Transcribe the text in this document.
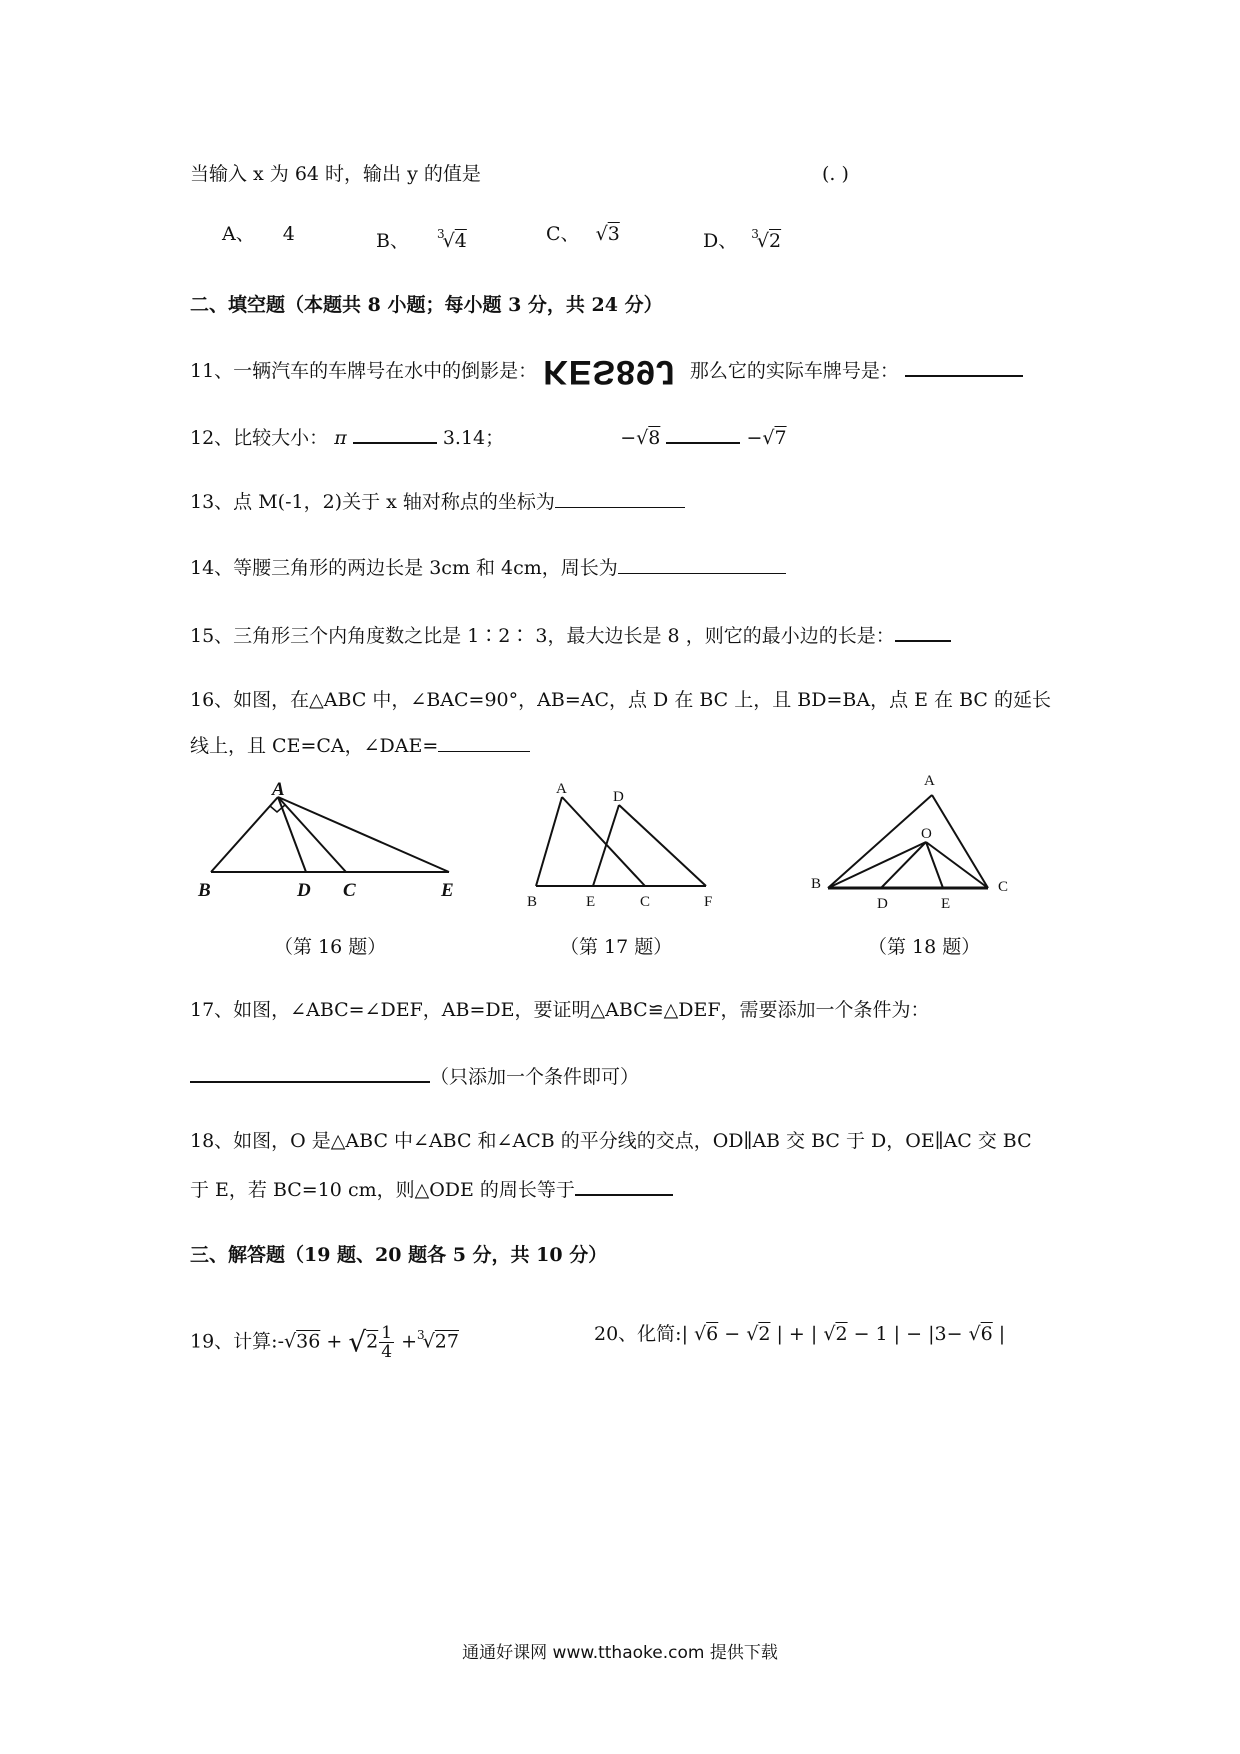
当输入 x 为 64 时，输出 y 的值是	(. )
A、 4	B、 $^3$√4	C、 √3	D、 $^3$√2
二、填空题（本题共 8 小题；每小题 3 分，共 24 分）
11、一辆汽车的车牌号在水中的倒影是： KES89J 那么它的实际车牌号是：
12、比较大小： π	3.14；	−√8	−√7
13、点 M(-1，2)关于 x 轴对称点的坐标为
14、等腰三角形的两边长是 3cm 和 4cm，周长为
15、三角形三个内角度数之比是 1∶2∶ 3，最大边长是 8 ，则它的最小边的长是：
16、如图，在△ABC 中，∠BAC=90°，AB=AC，点 D 在 BC 上，且 BD=BA，点 E 在 BC 的延长
线上，且 CE=CA，∠DAE=
A
B	D C	E
A	D
B	E	C	F
A
O
B
D	E
C
（第 16 题）	（第 17 题）	（第 18 题）
17、如图，∠ABC=∠DEF，AB=DE，要证明△ABC≌△DEF，需要添加一个条件为：
（只添加一个条件即可）
18、如图，O 是△ABC 中∠ABC 和∠ACB 的平分线的交点，OD∥AB 交 BC 于 D，OE∥AC 交 BC
于 E，若 BC=10 cm，则△ODE 的周长等于
三、解答题（19 题、20 题各 5 分，共 10 分）
19、计算:-√36 + $√2 \frac{1}{4} +^3√27$	20、化简:| √6 − √2 | + | √2 − 1 | − |3− √6 |
通通好课网 www.tthaoke.com 提供下载
